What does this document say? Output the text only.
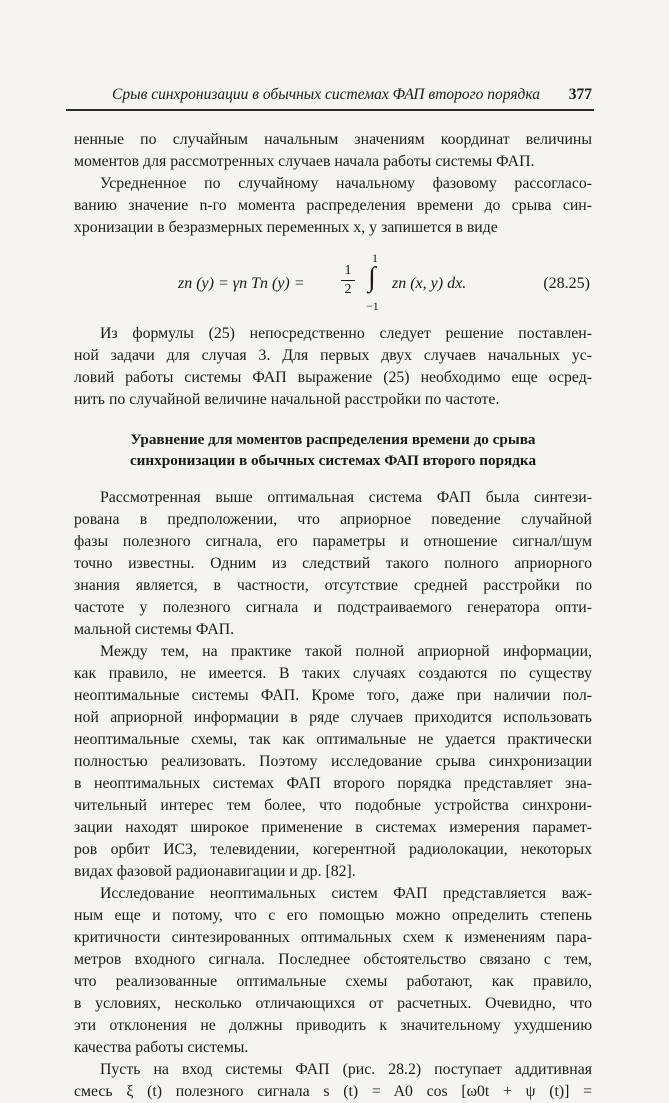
Срыв синхронизации в обычных системах ФАП второго порядка 377
ненные по случайным начальным значениям координат величины
моментов для рассмотренных случаев начала работы системы ФАП.
Усредненное по случайному начальному фазовому рассогласо-
ванию значение n-го момента распределения времени до срыва син-
хронизации в безразмерных переменных x, y запишется в виде
zn (y) = γn Tn (y) =
1
2
1
∫
−1
zn (x, y) dx.	(28.25)
Из формулы (25) непосредственно следует решение поставлен-
ной задачи для случая 3. Для первых двух случаев начальных ус-
ловий работы системы ФАП выражение (25) необходимо еще осред-
нить по случайной величине начальной расстройки по частоте.
Уравнение для моментов распределения времени до срыва
синхронизации в обычных системах ФАП второго порядка
Рассмотренная выше оптимальная система ФАП была синтези-
рована в предположении, что априорное поведение случайной
фазы полезного сигнала, его параметры и отношение сигнал/шум
точно известны. Одним из следствий такого полного априорного
знания является, в частности, отсутствие средней расстройки по
частоте у полезного сигнала и подстраиваемого генератора опти-
мальной системы ФАП.
Между тем, на практике такой полной априорной информации,
как правило, не имеется. В таких случаях создаются по существу
неоптимальные системы ФАП. Кроме того, даже при наличии пол-
ной априорной информации в ряде случаев приходится использовать
неоптимальные схемы, так как оптимальные не удается практически
полностью реализовать. Поэтому исследование срыва синхронизации
в неоптимальных системах ФАП второго порядка представляет зна-
чительный интерес тем более, что подобные устройства синхрони-
зации находят широкое применение в системах измерения парамет-
ров орбит ИСЗ, телевидении, когерентной радиолокации, некоторых
видах фазовой радионавигации и др. [82].
Исследование неоптимальных систем ФАП представляется важ-
ным еще и потому, что с его помощью можно определить степень
критичности синтезированных оптимальных схем к изменениям пара-
метров входного сигнала. Последнее обстоятельство связано с тем,
что реализованные оптимальные схемы работают, как правило,
в условиях, несколько отличающихся от расчетных. Очевидно, что
эти отклонения не должны приводить к значительному ухудшению
качества работы системы.
Пусть на вход системы ФАП (рис. 28.2) поступает аддитивная
смесь ξ (t) полезного сигнала s (t) = A0 cos [ω0t + ψ (t)] =
